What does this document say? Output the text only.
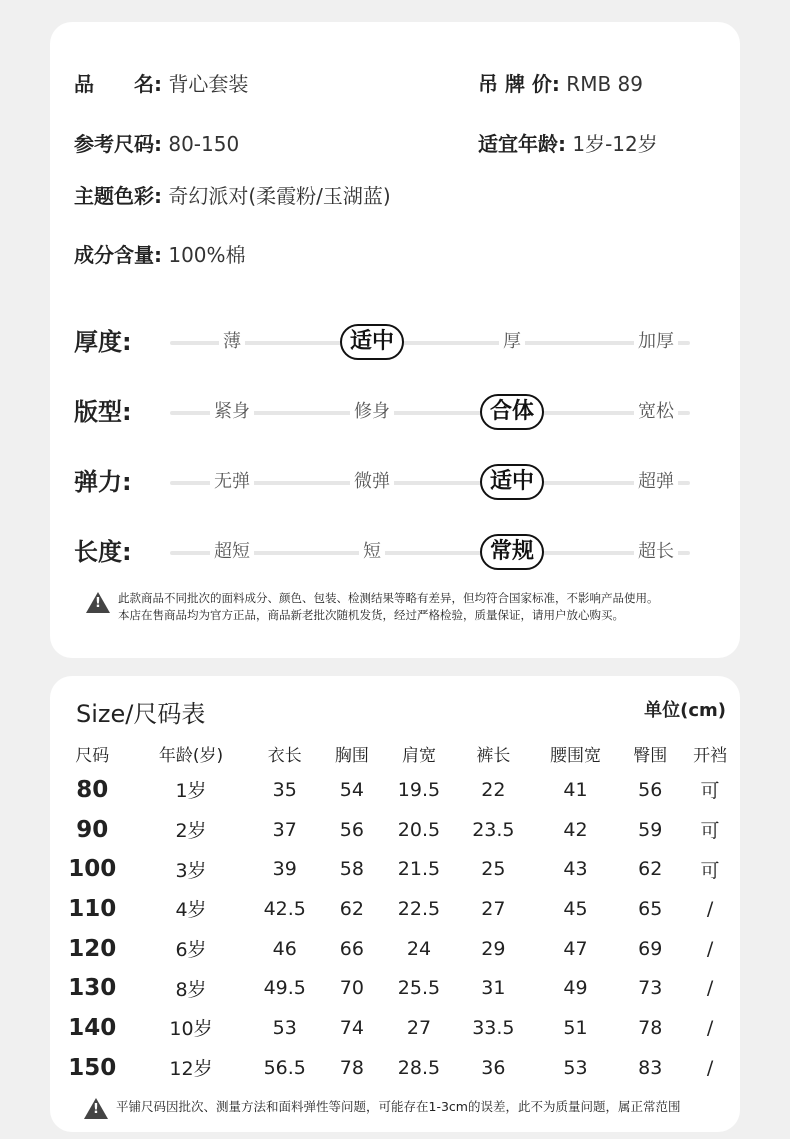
品　　名: 背心套装	吊 牌 价: RMB 89
参考尺码: 80-150	适宜年龄: 1岁-12岁
主题色彩: 奇幻派对(柔霞粉/玉湖蓝)
成分含量: 100%棉
厚度:	薄	适中	厚	加厚
版型:	紧身	修身	合体	宽松
弹力:	无弹	微弹	适中	超弹
长度:	超短	短	常规	超长
!
此款商品不同批次的面料成分、颜色、包装、检测结果等略有差异，但均符合国家标准，不影响产品使用。
本店在售商品均为官方正品，商品新老批次随机发货，经过严格检验，质量保证，请用户放心购买。
Size/尺码表	单位(cm)
尺码	年龄(岁)	衣长	胸围	肩宽	裤长	腰围宽	臀围	开裆
80	1岁	35	54	19.5	22	41	56	可
90	2岁	37	56	20.5	23.5	42	59	可
100	3岁	39	58	21.5	25	43	62	可
110	4岁	42.5	62	22.5	27	45	65	/
120	6岁	46	66	24	29	47	69	/
130	8岁	49.5	70	25.5	31	49	73	/
140	10岁	53	74	27	33.5	51	78	/
150	12岁	56.5	78	28.5	36	53	83	/
!
平铺尺码因批次、测量方法和面料弹性等问题，可能存在1-3cm的误差，此不为质量问题，属正常范围
